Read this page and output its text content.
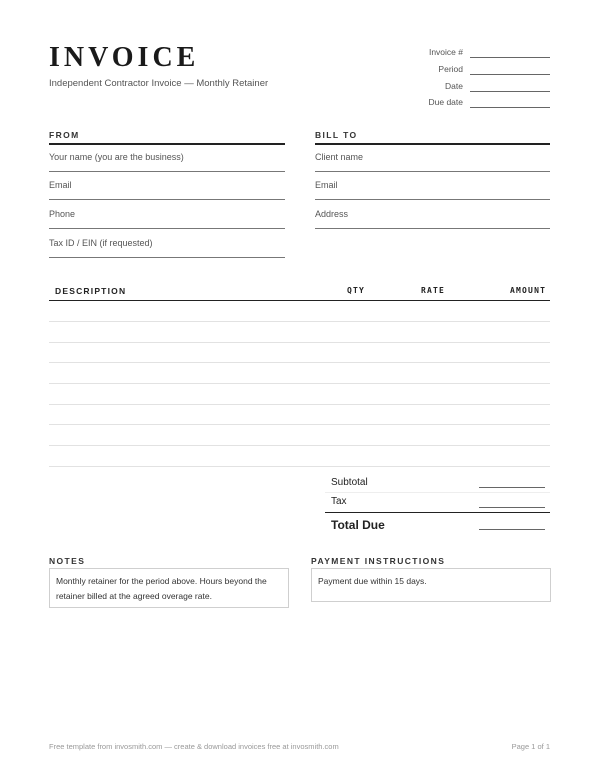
INVOICE
Independent Contractor Invoice — Monthly Retainer
Invoice #
Period
Date
Due date
FROM
Your name (you are the business)
Email
Phone
Tax ID / EIN (if requested)
BILL TO
Client name
Email
Address
DESCRIPTION	QTY	RATE	AMOUNT
Subtotal
Tax
Total Due
NOTES
Monthly retainer for the period above. Hours beyond the retainer billed at the agreed overage rate.
PAYMENT INSTRUCTIONS
Payment due within 15 days.
Free template from invosmith.com — create & download invoices free at invosmith.com	Page 1 of 1
